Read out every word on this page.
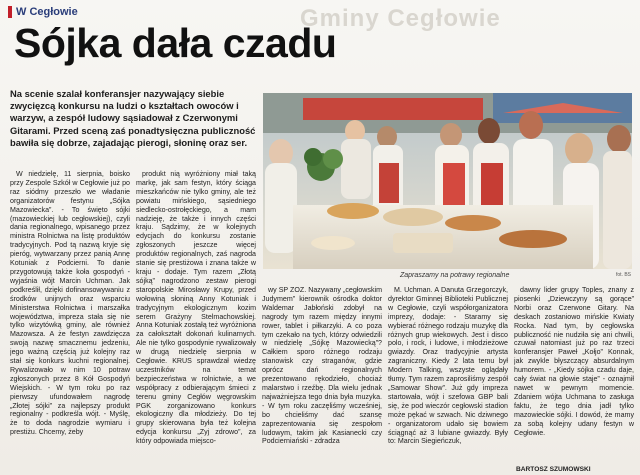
Gminy Cegłowie
W Cegłowie
Sójka dała czadu
Na scenie szalał konferansjer nazywający siebie zwycięzcą konkursu na ludzi o kształtach owoców i warzyw, a zespół ludowy sąsiadował z Czerwonymi Gitarami. Przed sceną zaś ponadtysięczna publiczność bawiła się dobrze, zajadając pierogi, słoninę oraz ser.
Zapraszamy na potrawy regionalne	fot. BS

W niedzielę, 11 sierpnia, boisko przy Zespole Szkół w Cegłowie już po raz siódmy przeszło we władanie organizatorów festynu „Sójka Mazowiecka”. - To święto sójki (mazowieckiej lub cegłowskiej), czyli dania regionalnego, wpisanego przez ministra Rolnictwa na listę produktów tradycyjnych. Pod tą nazwą kryje się pieróg, wytwarzany przez panią Annę Kotuniak z Podcierni. To danie przygotowują także koła gospodyń - wyjaśnia wójt Marcin Uchman. Jak podkreślił, dzięki dofinansowywaniu z środków unijnych oraz wsparciu Ministerstwa Rolnictwa i marszałka województwa, impreza stała się nie tylko wizytówką gminy, ale również Mazowsza. A że festyn zawdzięcza swoją nazwę smacznemu jedzeniu, jego ważną częścią już kolejny raz stał się konkurs kuchni regionalnej. Rywalizowało w nim 10 potraw zgłoszonych przez 8 Kół Gospodyń Wiejskich. - W tym roku po raz pierwszy ufundowałem nagrodę „Złotej sójki” za najlepszy produkt regionalny - podkreśla wójt. - Myślę, że to doda nagrodzie wymiaru i prestiżu. Chcemy, żeby

produkt nią wyróżniony miał taką markę, jak sam festyn, który ściąga mieszkańców nie tylko gminy, ale też powiatu mińskiego, sąsiedniego siedlecko-ostrołęckiego, a mam nadzieję, że także i innych części kraju. Sądzimy, że w kolejnych edycjach do konkursu zostanie zgłoszonych jeszcze więcej produktów regionalnych, zaś nagroda stanie się prestiżowa i znana także w kraju - dodaje. Tym razem „Złotą sójką” nagrodzono zestaw pierogi staropolskie Mirosławy Krupy, przed wołowiną słoniną Anny Kotuniak i tradycyjnym ekologicznym kozim serem Grażyny Stelmachowskiej. Anna Kotuniak zostałą też wyróżniona za całokształt dokonań kulinarnych. Ale nie tylko gospodynie rywalizowały w drugą niedzielę sierpnia w Cegłowie. KRUS sprawdzał wiedzę uczestników na temat bezpieczeństwa w rolnictwie, a we współpracy z odbierającym śmieci z terenu gminy Cegłów węgrowskim PGK zorganizowano konkurs ekologiczny dla młodzieży. Do tej grupy skierowana była też kolejna edycja konkursu „Zyj zdrowo”, za który odpowiada miejsco-

wy SP ZOZ. Nazywany „cegłowskim Judymem” kierownik ośrodka doktor Waldemar Jabłoński zdobył na nagrody tym razem między innymi rower, tablet i piłkarzyki. A co poza tym czekało na tych, którzy odwiedzili w niedzielę „Sójkę Mazowiecką”? Całkiem sporo różnego rodzaju stanowisk czy straganów, gdzie oprócz dań regionalnych prezentowano rękodzieło, chociaż malarstwo i rzeźbę. Dla wielu jednak najważniejsza tego dnia była muzyka. - W tym roku zaczęliśmy wcześniej, bo chcieliśmy dać szansę zaprezentowania się zespołom ludowym, takim jak Kasianecki czy Podcierniański - zdradza

M. Uchman. A Danuta Grzegorczyk, dyrektor Gminnej Biblioteki Publicznej w Cegłowie, czyli współorganizatora imprezy, dodaje: - Staramy się wybierać różnego rodzaju muzykę dla różnych grup wiekowych. Jest i disco polo, i rock, i ludowe, i młodzieżowe gwiazdy. Oraz tradycyjnie artysta zagraniczny. Kiedy 2 lata temu był Modern Talking, wszyste oglądały tłumy. Tym razem zaprosiliśmy zespół „Samowar Show”. Już gdy impreza startowała, wójt i szefowa GBP bali się, że pod wieczór cegłowski stadion może pękać w szwach. Nic dziwnego - organizatorom udało się bowiem ściągnąć aż 3 lubiane gwiazdy. Były to: Marcin Siegieńczuk,

dawny lider grupy Toples, znany z piosenki „Dziewczyny są gorące” Norbi oraz Czerwone Gitary. Na deskach zostaniowo mińskie Kwiaty Rocka. Nad tym, by cegłowska publiczność nie nudziła się ani chwili, czuwał natomiast już po raz trzeci konferansjer Paweł „Kołjo” Konnak, jak zwykle błyszczący absurdalnym humorem. - „Kiedy sójka czadu daje, cały świat na głowie staje” - oznajmił nawet w pewnym momencie. Zdaniem wójta Uchmana to zasługa faktu, że tego dnia jadł tylko mazowieckie sójki. I dowód, że mamy za sobą kolejny udany festyn w Cegłowie.

BARTOSZ SZUMOWSKI
